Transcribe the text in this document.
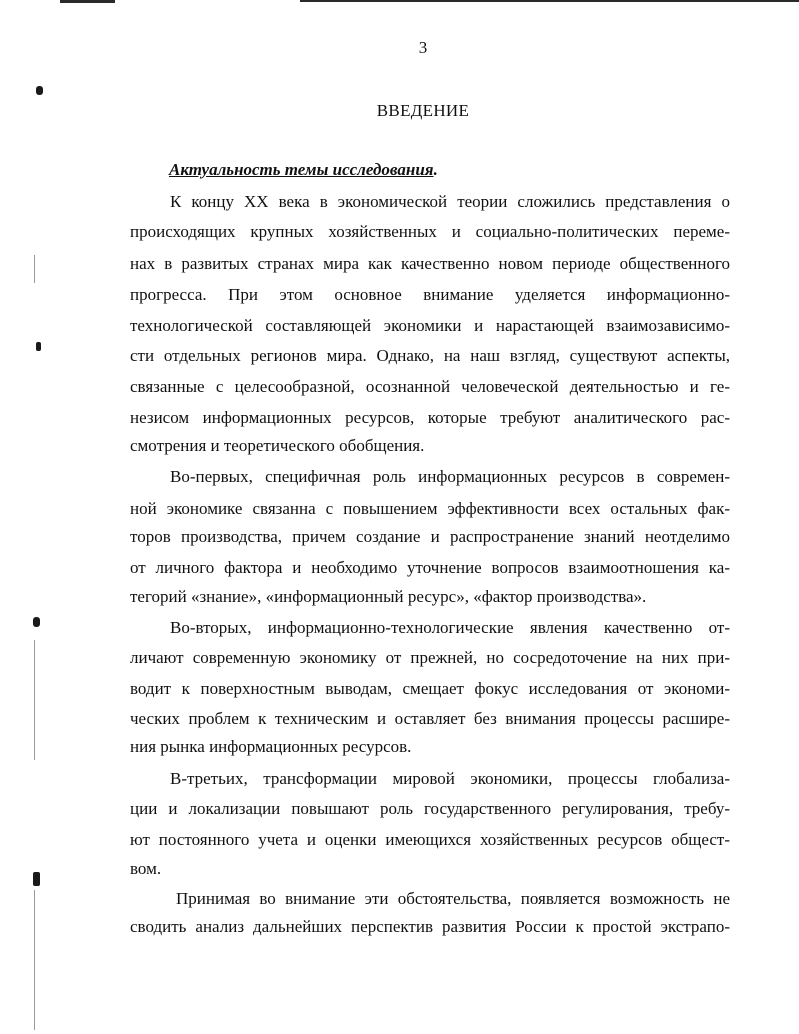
3
ВВЕДЕНИЕ
Актуальность темы исследования.
К концу XX века в экономической теории сложились представления о
происходящих крупных хозяйственных и социально-политических переме-
нах в развитых странах мира как качественно новом периоде общественного
прогресса. При этом основное внимание уделяется информационно-
технологической составляющей экономики и нарастающей взаимозависимо-
сти отдельных регионов мира. Однако, на наш взгляд, существуют аспекты,
связанные с целесообразной, осознанной человеческой деятельностью и ге-
незисом информационных ресурсов, которые требуют аналитического рас-
смотрения и теоретического обобщения.
Во-первых, специфичная роль информационных ресурсов в современ-
ной экономике связанна с повышением эффективности всех остальных фак-
торов производства, причем создание и распространение знаний неотделимо
от личного фактора и необходимо уточнение вопросов взаимоотношения ка-
тегорий «знание», «информационный ресурс», «фактор производства».
Во-вторых, информационно-технологические явления качественно от-
личают современную экономику от прежней, но сосредоточение на них при-
водит к поверхностным выводам, смещает фокус исследования от экономи-
ческих проблем к техническим и оставляет без внимания процессы расшире-
ния рынка информационных ресурсов.
В-третьих, трансформации мировой экономики, процессы глобализа-
ции и локализации повышают роль государственного регулирования, требу-
ют постоянного учета и оценки имеющихся хозяйственных ресурсов общест-
вом.
Принимая во внимание эти обстоятельства, появляется возможность не
сводить анализ дальнейших перспектив развития России к простой экстрапо-
